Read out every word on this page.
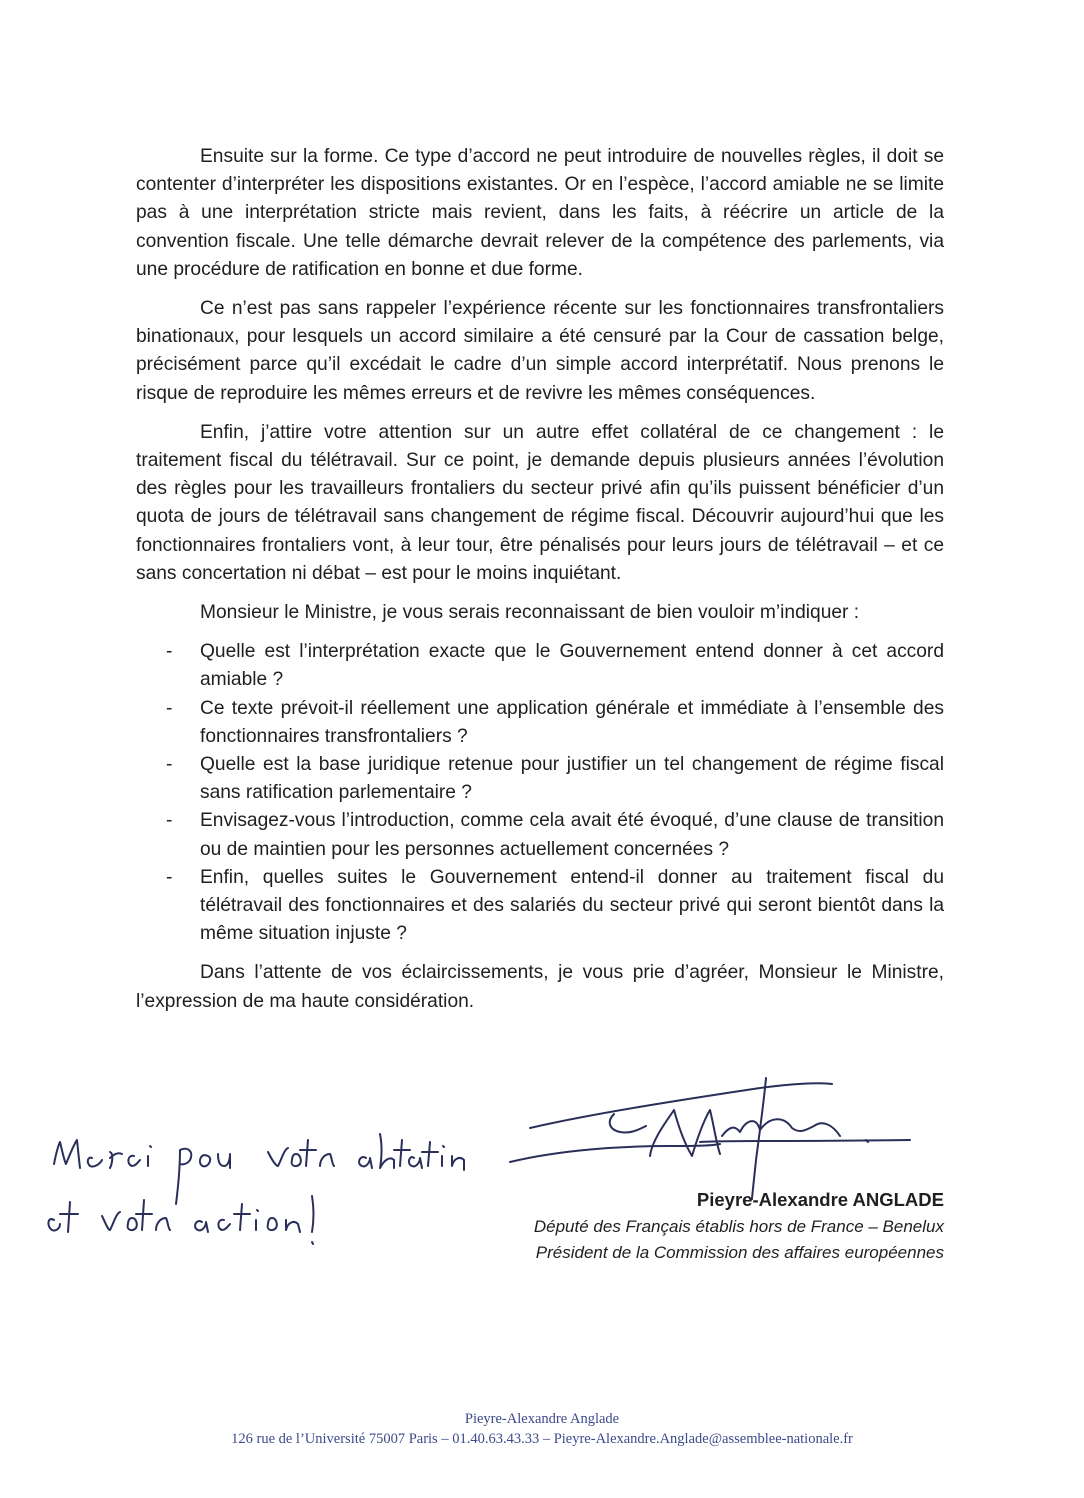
Ensuite sur la forme. Ce type d’accord ne peut introduire de nouvelles règles, il doit se contenter d’interpréter les dispositions existantes. Or en l’espèce, l’accord amiable ne se limite pas à une interprétation stricte mais revient, dans les faits, à réécrire un article de la convention fiscale. Une telle démarche devrait relever de la compétence des parlements, via une procédure de ratification en bonne et due forme.

Ce n’est pas sans rappeler l’expérience récente sur les fonctionnaires transfrontaliers binationaux, pour lesquels un accord similaire a été censuré par la Cour de cassation belge, précisément parce qu’il excédait le cadre d’un simple accord interprétatif. Nous prenons le risque de reproduire les mêmes erreurs et de revivre les mêmes conséquences.

Enfin, j’attire votre attention sur un autre effet collatéral de ce changement : le traitement fiscal du télétravail. Sur ce point, je demande depuis plusieurs années l’évolution des règles pour les travailleurs frontaliers du secteur privé afin qu’ils puissent bénéficier d’un quota de jours de télétravail sans changement de régime fiscal. Découvrir aujourd’hui que les fonctionnaires frontaliers vont, à leur tour, être pénalisés pour leurs jours de télétravail – et ce sans concertation ni débat – est pour le moins inquiétant.

Monsieur le Ministre, je vous serais reconnaissant de bien vouloir m’indiquer :

- Quelle est l’interprétation exacte que le Gouvernement entend donner à cet accord amiable ?
- Ce texte prévoit-il réellement une application générale et immédiate à l’ensemble des fonctionnaires transfrontaliers ?
- Quelle est la base juridique retenue pour justifier un tel changement de régime fiscal sans ratification parlementaire ?
- Envisagez-vous l’introduction, comme cela avait été évoqué, d’une clause de transition ou de maintien pour les personnes actuellement concernées ?
- Enfin, quelles suites le Gouvernement entend-il donner au traitement fiscal du télétravail des fonctionnaires et des salariés du secteur privé qui seront bientôt dans la même situation injuste ?

Dans l’attente de vos éclaircissements, je vous prie d’agréer, Monsieur le Ministre, l’expression de ma haute considération.

Pieyre-Alexandre ANGLADE
Député des Français établis hors de France – Benelux
Président de la Commission des affaires européennes
Pieyre-Alexandre Anglade
126 rue de l’Université 75007 Paris – 01.40.63.43.33 – Pieyre-Alexandre.Anglade@assemblee-nationale.fr
